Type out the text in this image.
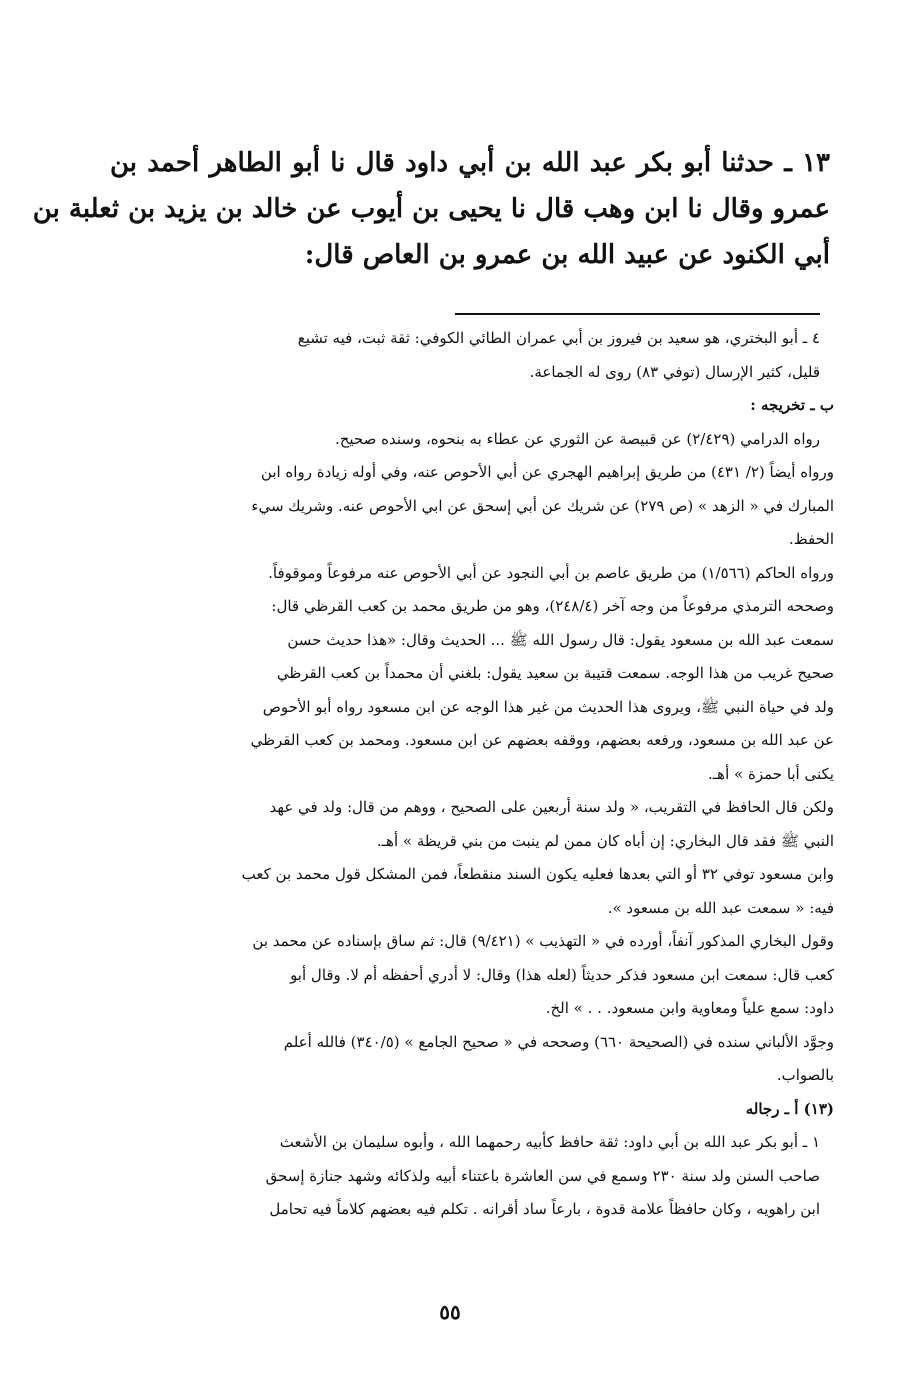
١٣ ـ حدثنا أبو بكر عبد الله بن أبي داود قال نا أبو الطاهر أحمد بن
عمرو وقال نا ابن وهب قال نا يحيى بن أيوب عن خالد بن يزيد بن ثعلبة بن
أبي الكنود عن عبيد الله بن عمرو بن العاص قال:
٤ ـ أبو البختري، هو سعيد بن فيروز بن أبي عمران الطائي الكوفي: ثقة ثبت، فيه تشيع
قليل، كثير الإرسال (توفي ٨٣) روى له الجماعة.
ب ـ تخريجه :
رواه الدرامي (٢/٤٢٩) عن قبيصة عن الثوري عن عطاء به بنحوه، وسنده صحيح.
ورواه أيضاً (٢/ ٤٣١) من طريق إبراهيم الهجري عن أبي الأحوص عنه، وفي أوله زيادة رواه ابن
المبارك في « الزهد » (ص ٢٧٩) عن شريك عن أبي إسحق عن ابي الأحوص عنه. وشريك سيء
الحفظ.
ورواه الحاكم (١/٥٦٦) من طريق عاصم بن أبي النجود عن أبي الأحوص عنه مرفوعاً وموقوفاً.
وصححه الترمذي مرفوعاً من وجه آخر (٢٤٨/٤)، وهو من طريق محمد بن كعب القرظي قال:
سمعت عبد الله بن مسعود يقول: قال رسول الله ﷺ ... الحديث وقال: «هذا حديث حسن
صحيح غريب من هذا الوجه. سمعت قتيبة بن سعيد يقول: بلغني أن محمداً بن كعب القرظي
ولد في حياة النبي ﷺ، ويروى هذا الحديث من غير هذا الوجه عن ابن مسعود رواه أبو الأحوص
عن عبد الله بن مسعود، ورفعه بعضهم، ووقفه بعضهم عن ابن مسعود. ومحمد بن كعب القرظي
يكنى أبا حمزة » أهـ.
ولكن قال الحافظ في التقريب، « ولد سنة أربعين على الصحيح ، ووهم من قال: ولد في عهد
النبي ﷺ فقد قال البخاري: إن أباه كان ممن لم ينبت من بني قريظة » أهـ.
وابن مسعود توفي ٣٢ أو التي بعدها فعليه يكون السند منقطعاً، فمن المشكل قول محمد بن كعب
فيه: « سمعت عبد الله بن مسعود ».
وقول البخاري المذكور آنفاً، أورده في « التهذيب » (٩/٤٢١) قال: ثم ساق بإسناده عن محمد بن
كعب قال: سمعت ابن مسعود فذكر حديثاً (لعله هذا) وقال: لا أدري أحفظه أم لا. وقال أبو
داود: سمع علياً ومعاوية وابن مسعود. . . » الخ.
وجوَّد الألباني سنده في (الصحيحة ٦٦٠) وصححه في « صحيح الجامع » (٣٤٠/٥) فالله أعلم
بالصواب.
(١٣) أ ـ رجاله
١ ـ أبو بكر عبد الله بن أبي داود: ثقة حافظ كأبيه رحمهما الله ، وأبوه سليمان بن الأشعث
صاحب السنن ولد سنة ٢٣٠ وسمع في سن العاشرة باعتناء أبيه ولذكائه وشهد جنازة إسحق
ابن راهويه ، وكان حافظاً علامة قدوة ، بارعاً ساد أقرانه . تكلم فيه بعضهم كلاماً فيه تحامل
٥٥
